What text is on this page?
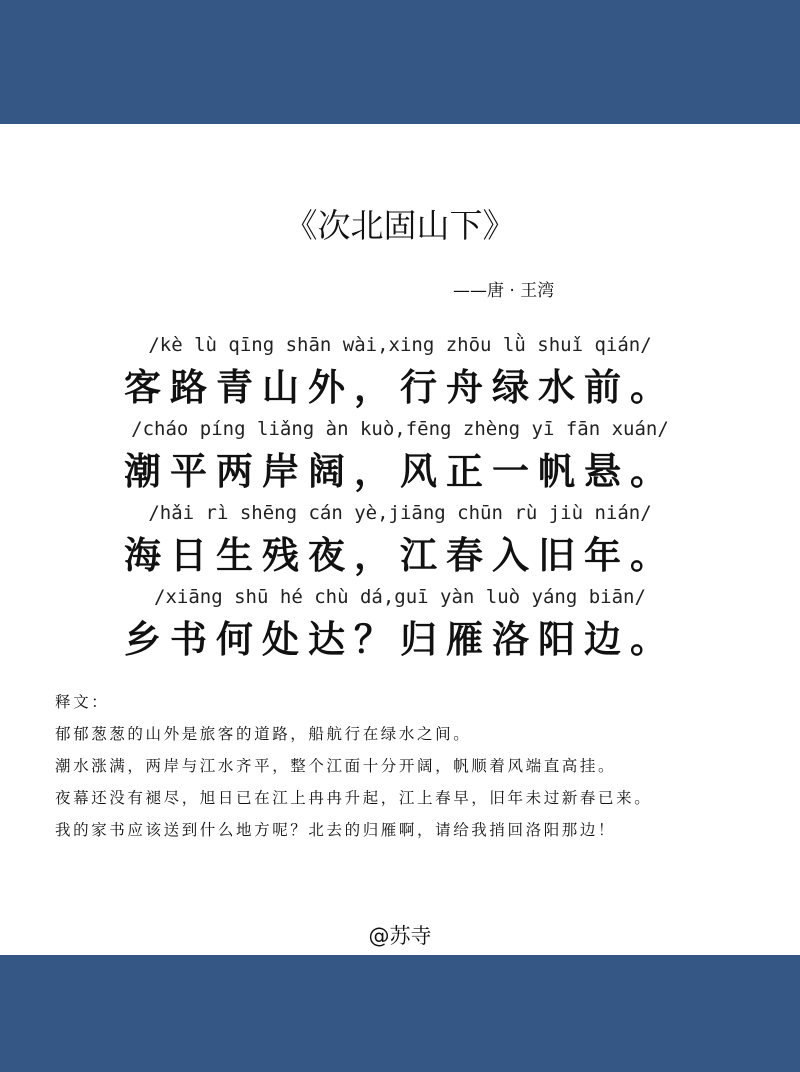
《次北固山下》
——唐 · 王湾
/kè lù qīng shān wài,xing zhōu lǜ shuǐ qián/
客路青山外，行舟绿水前。
/cháo píng liǎng àn kuò,fēng zhèng yī fān xuán/
潮平两岸阔，风正一帆悬。
/hǎi rì shēng cán yè,jiāng chūn rù jiù nián/
海日生残夜，江春入旧年。
/xiāng shū hé chù dá,guī yàn luò yáng biān/
乡书何处达？归雁洛阳边。
释文：
郁郁葱葱的山外是旅客的道路，船航行在绿水之间。
潮水涨满，两岸与江水齐平，整个江面十分开阔，帆顺着风端直高挂。
夜幕还没有褪尽，旭日已在江上冉冉升起，江上春早，旧年未过新春已来。
我的家书应该送到什么地方呢？北去的归雁啊，请给我捎回洛阳那边！
@苏寺
